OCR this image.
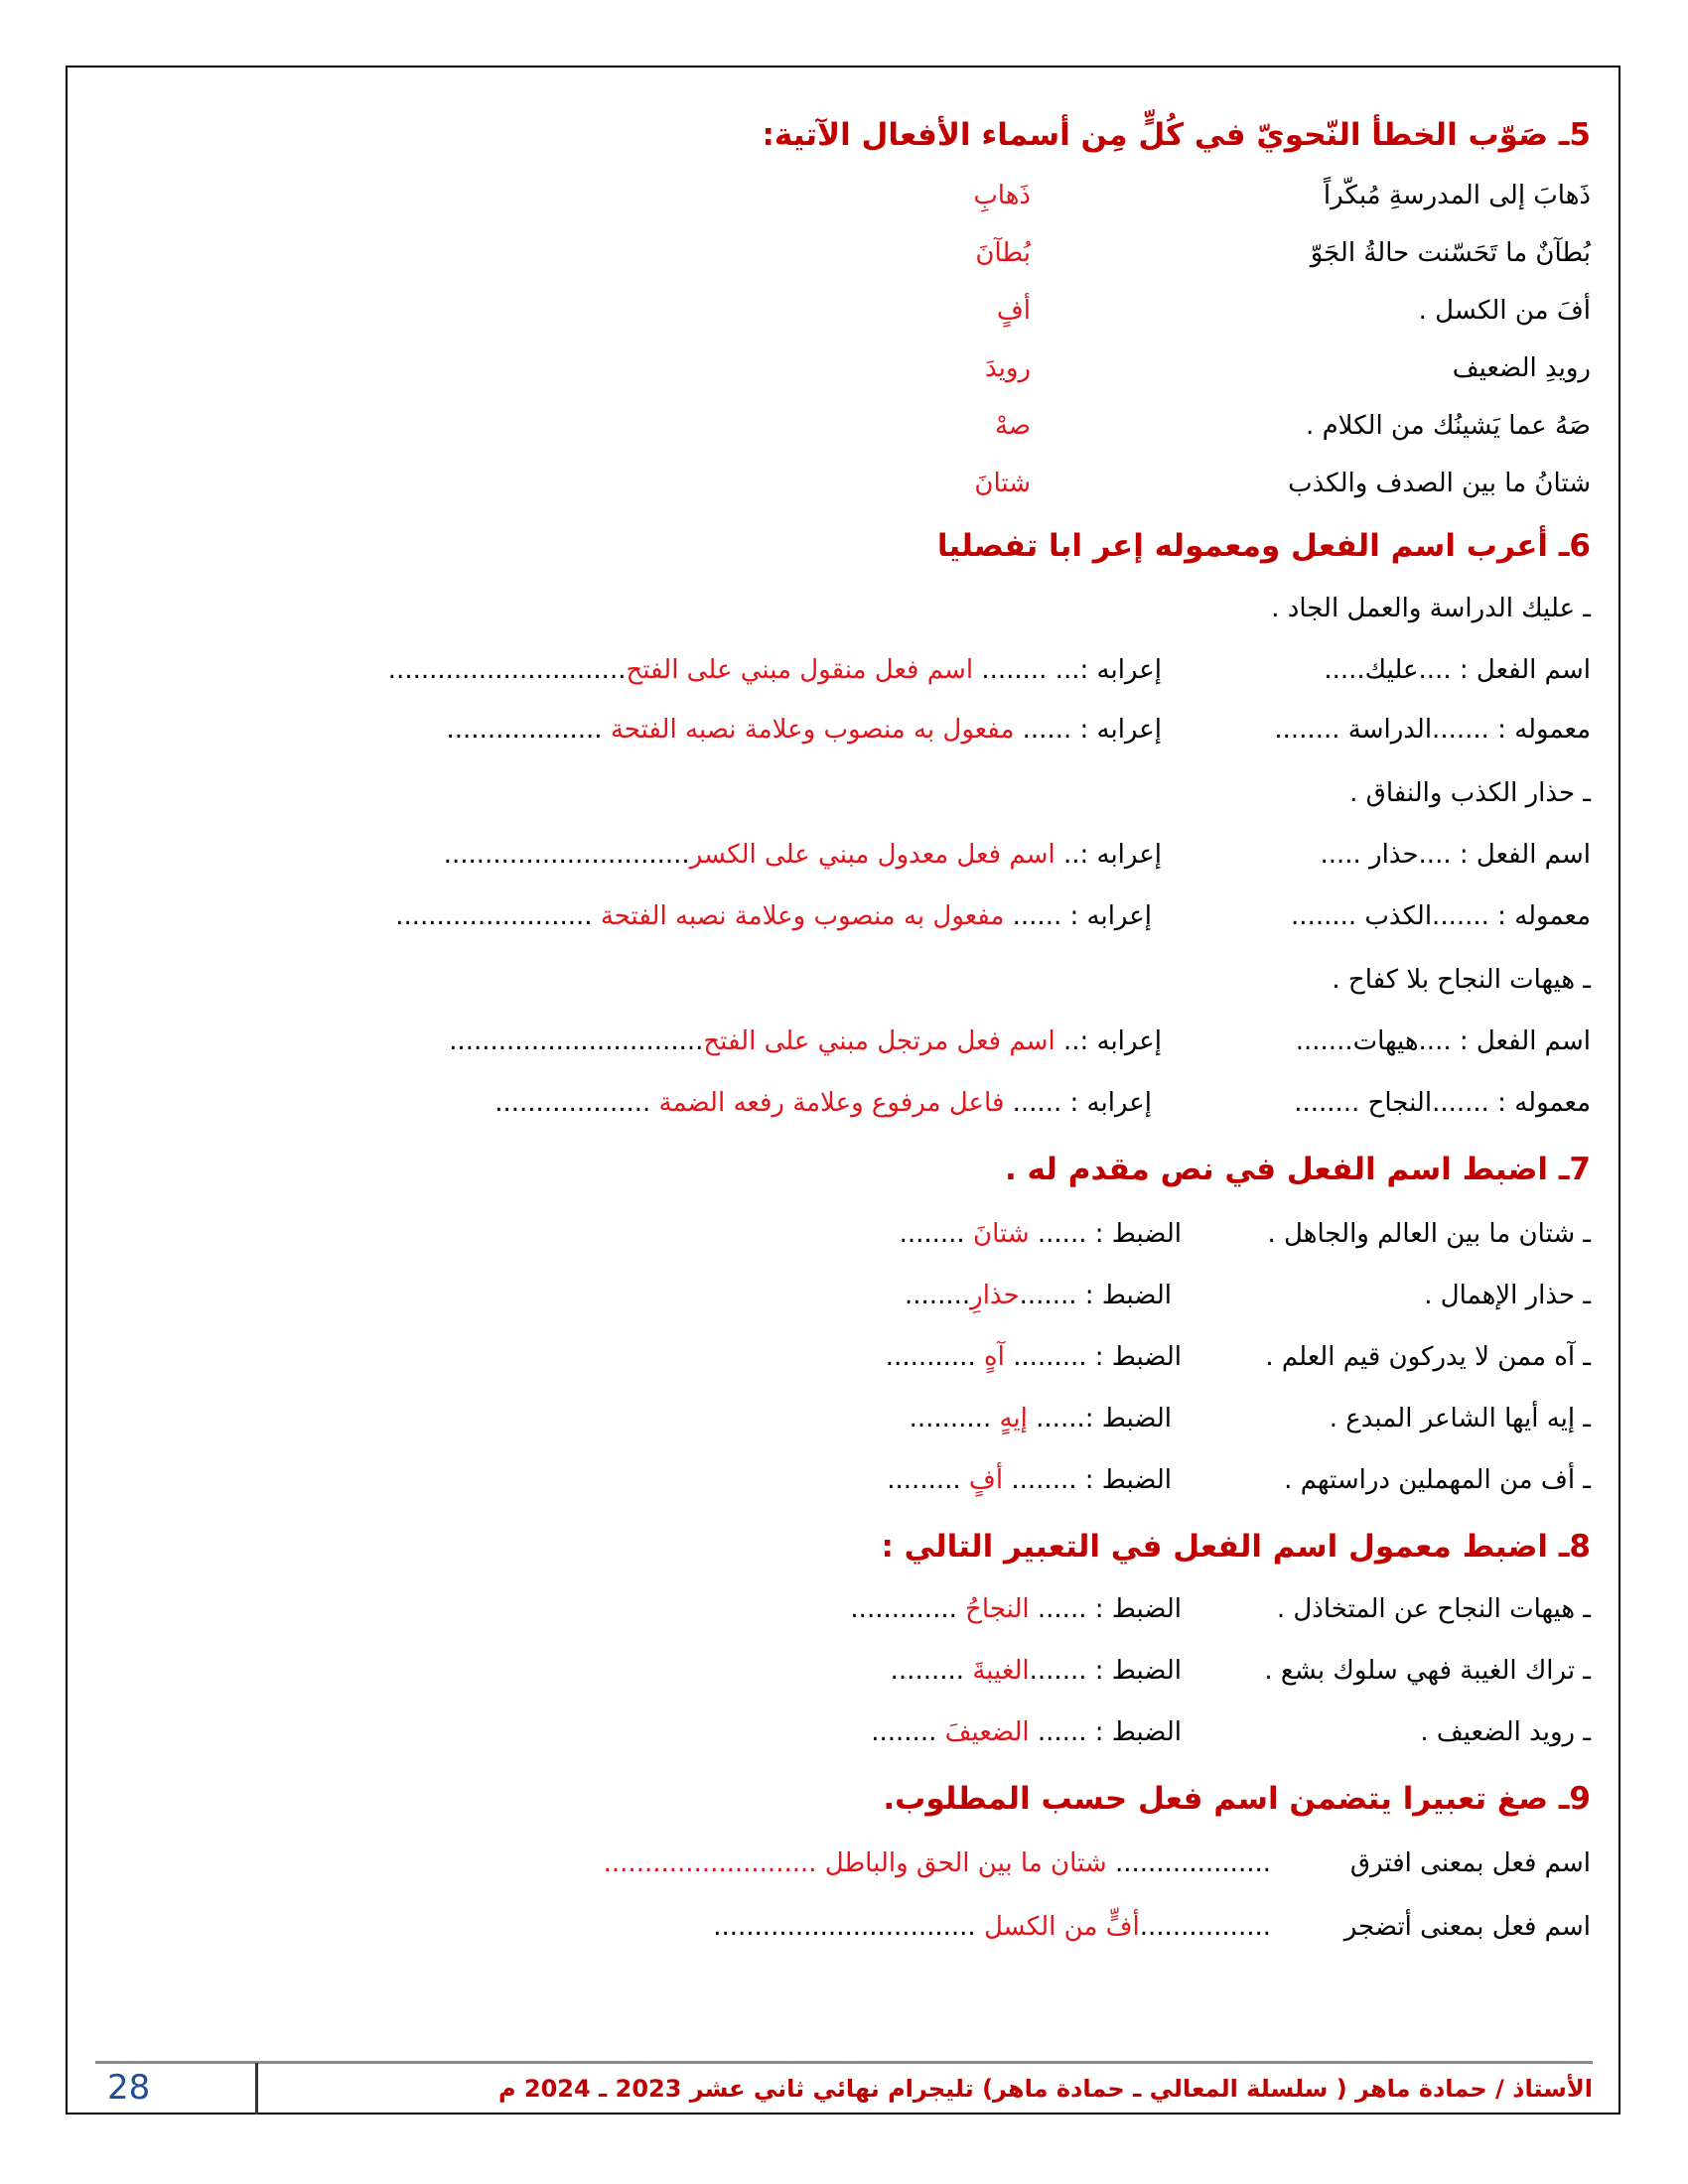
5ـ صَوّب الخطأ النّحويّ في كُلٍّ مِن أسماء الأفعال الآتية:
ذَهابَ إلى المدرسةِ مُبكّراً
ذَهابِ
بُطآنٌ ما تَحَسّنت حالةُ الجَوّ
بُطآنَ
أفَ من الكسل .
أفٍ
رويدِ الضعيف
رويدَ
صَهُ عما يَشينُك من الكلام .
صهْ
شتانُ ما بين الصدف والكذب
شتانَ
6ـ أعرب اسم الفعل ومعموله إعر ابا تفصليا
ـ عليك الدراسة والعمل الجاد .
اسم الفعل : ....عليك.....
إعرابه :... ........ اسم فعل منقول مبني على الفتح.............................
معموله : .......الدراسة ........
إعرابه : ...... مفعول به منصوب وعلامة نصبه الفتحة ...................
ـ حذار الكذب والنفاق .
اسم الفعل : ....حذار .....
إعرابه :.. اسم فعل معدول مبني على الكسر..............................
معموله : .......الكذب ........
إعرابه : ...... مفعول به منصوب وعلامة نصبه الفتحة ........................
ـ هيهات النجاح بلا كفاح .
اسم الفعل : ....هيهات.......
إعرابه :.. اسم فعل مرتجل مبني على الفتح...............................
معموله : .......النجاح ........
إعرابه : ...... فاعل مرفوع وعلامة رفعه الضمة ...................
7ـ اضبط اسم الفعل في نص مقدم له .
ـ شتان ما بين العالم والجاهل .
الضبط : ...... شتانَ ........
ـ حذار الإهمال .
الضبط : .......حذارِ........
ـ آه ممن لا يدركون قيم العلم .
الضبط : ......... آهٍ ...........
ـ إيه أيها الشاعر المبدع .
الضبط :...... إيهٍ ..........
ـ أف من المهملين دراستهم .
الضبط : ........ أفٍ .........
8ـ اضبط معمول اسم الفعل في التعبير التالي :
ـ هيهات النجاح عن المتخاذل .
الضبط : ...... النجاحُ .............
ـ تراك الغيبة فهي سلوك بشع .
الضبط : .......الغيبةَ .........
ـ رويد الضعيف .
الضبط : ...... الضعيفَ ........
9ـ صغ تعبيرا يتضمن اسم فعل حسب المطلوب.
اسم فعل بمعنى افترق
................... شتان ما بين الحق والباطل ..........................
اسم فعل بمعنى أتضجر
................أفٍّ من الكسل ................................
28	الأستاذ / حمادة ماهر ( سلسلة المعالي ـ حمادة ماهر) تليجرام نهائي ثاني عشر 2023 ـ 2024 م
